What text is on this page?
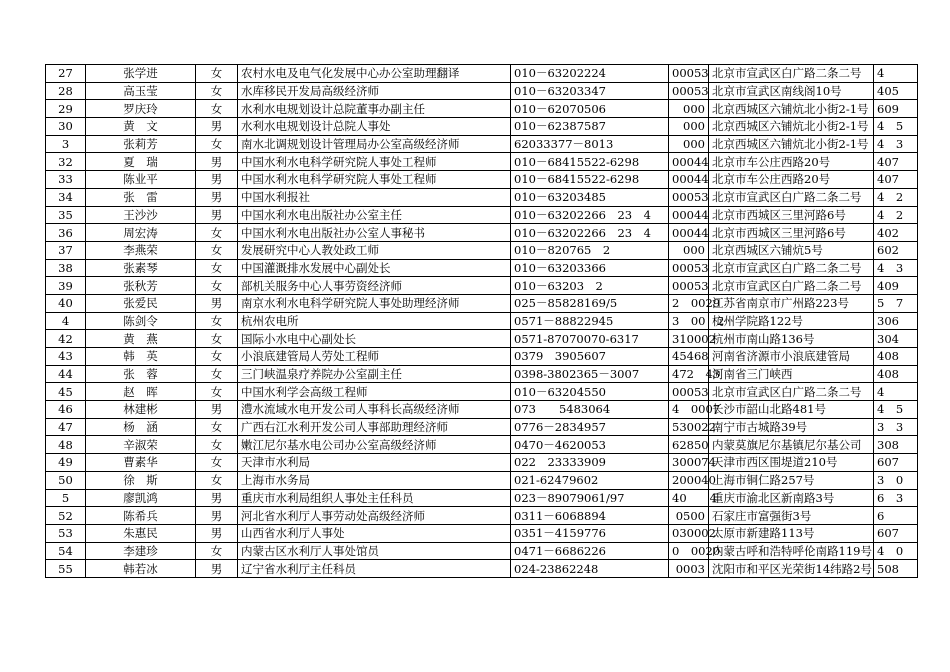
27	张学进	女	农村水电及电气化发展中心办公室助理翻译	010－63202224	00053	北京市宣武区白广路二条二号	4
28	高玉莹	女	水库移民开发局高级经济师	010－63203347	00053	北京市宣武区南线阁10号	405
29	罗庆玲	女	水利水电规划设计总院董事办副主任	010－62070506	000	北京西城区六铺炕北小街2-1号	609
30	黄　文	男	水利水电规划设计总院人事处	010－62387587	000	北京西城区六铺炕北小街2-1号	4　5
3	张莉芳	女	南水北调规划设计管理局办公室高级经济师	62033377－8013	000	北京西城区六铺炕北小街2-1号	4　3
32	夏　瑞	男	中国水利水电科学研究院人事处工程师	010－68415522-6298	00044	北京市车公庄西路20号	407
33	陈业平	男	中国水利水电科学研究院人事处工程师	010－68415522-6298	00044	北京市车公庄西路20号	407
34	张　雷	男	中国水利报社	010－63203485	00053	北京市宣武区白广路二条二号	4　2
35	王沙沙	男	中国水利水电出版社办公室主任	010－63202266　23　4	00044	北京市西城区三里河路6号	4　2
36	周宏涛	女	中国水利水电出版社办公室人事秘书	010－63202266　23　4	00044	北京市西城区三里河路6号	402
37	李燕荣	女	发展研究中心人教处政工师	010－820765　2	000	北京西城区六铺炕5号	602
38	张素琴	女	中国灌溉排水发展中心副处长	010－63203366	00053	北京市宣武区白广路二条二号	4　3
39	张秋芳	女	部机关服务中心人事劳资经济师	010－63203　2	00053	北京市宣武区白广路二条二号	409
40	张爱民	男	南京水利水电科学研究院人事处助理经济师	025－85828169/5	2　0029	江苏省南京市广州路223号	5　7
4	陈剑令	女	杭州农电所	0571－88822945	3　00　2	杭州学院路122号	306
42	黄　燕	女	国际小水电中心副处长	0571-87070070-6317	310002	杭州市南山路136号	304
43	韩　英	女	小浪底建管局人劳处工程师	0379　3905607	45468	河南省济源市小浪底建管局	408
44	张　蓉	女	三门峡温泉疗养院办公室副主任	0398-3802365－3007	472　43	河南省三门峡西	408
45	赵　晖	女	中国水利学会高级工程师	010－63204550	00053	北京市宣武区白广路二条二号	4
46	林建彬	男	澧水流域水电开发公司人事科长高级经济师	073　　5483064	4　0007	长沙市韶山北路481号	4　5
47	杨　涵	女	广西右江水利开发公司人事部助理经济师	0776－2834957	530022	南宁市古城路39号	3　3
48	辛淑荣	女	嫩江尼尔基水电公司办公室高级经济师	0470－4620053	62850	内蒙莫旗尼尔基镇尼尔基公司	308
49	曹素华	女	天津市水利局	022　23333909	300074	天津市西区围堤道210号	607
50	徐　斯	女	上海市水务局	021-62479602	200040	上海市铜仁路257号	3　0
5	廖凯鸿	男	重庆市水利局组织人事处主任科员	023－89079061/97	40　　4	重庆市渝北区新南路3号	6　3
52	陈希兵	男	河北省水利厅人事劳动处高级经济师	0311－6068894	0500	石家庄市富强街3号	6
53	朱惠民	男	山西省水利厅人事处	0351－4159776	030002	太原市新建路113号	607
54	李建珍	女	内蒙古区水利厅人事处馆员	0471－6686226	0　0020	内蒙古呼和浩特呼伦南路119号	4　0
55	韩若冰	男	辽宁省水利厅主任科员	024-23862248	0003	沈阳市和平区光荣街14纬路2号	508
